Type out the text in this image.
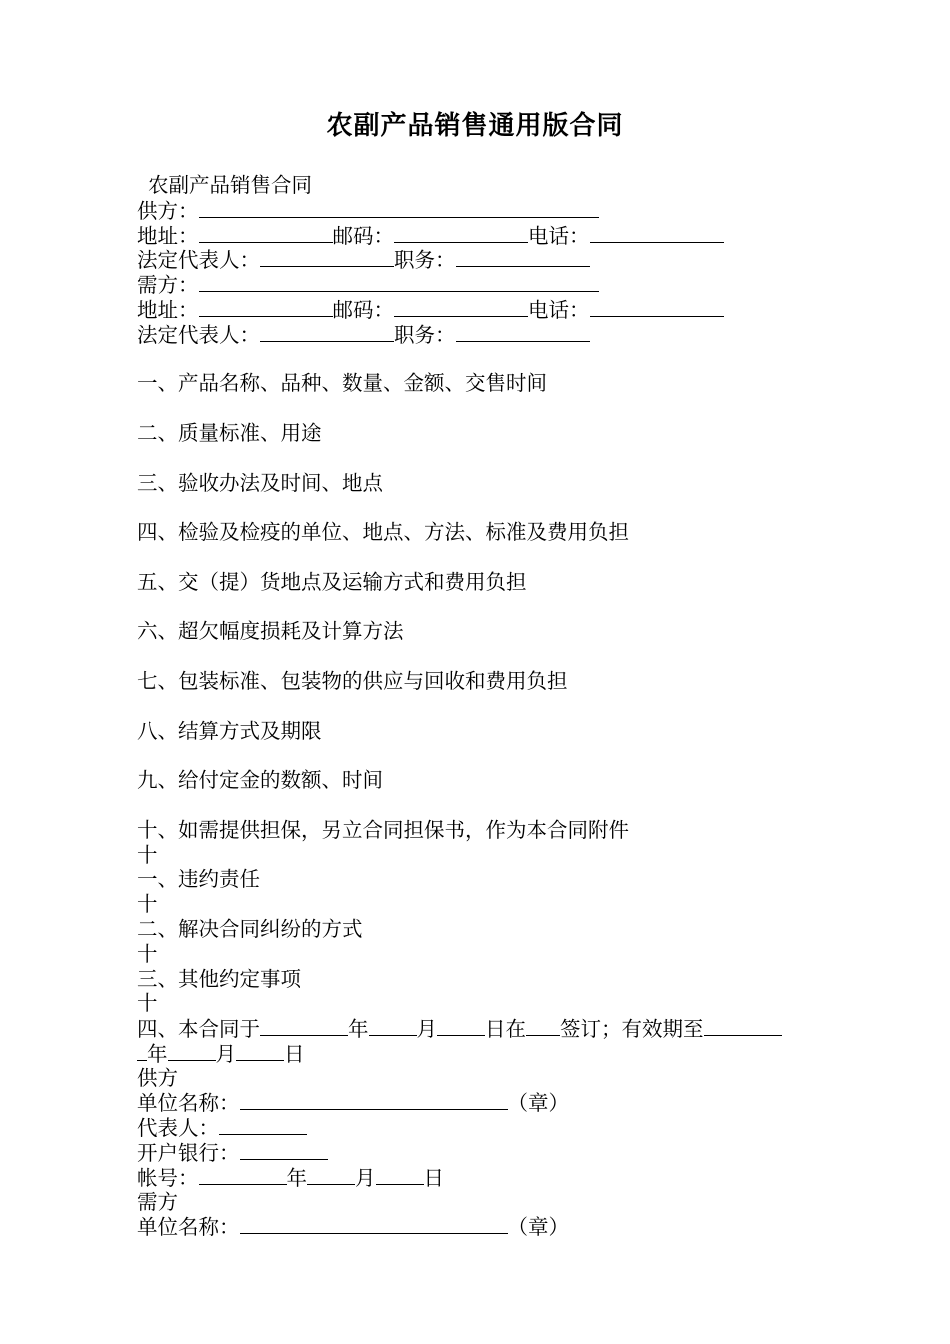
农副产品销售通用版合同
农副产品销售合同
供方：
地址：	邮码：	电话：
法定代表人：	职务：
需方：
地址：	邮码：	电话：
法定代表人：	职务：
一、产品名称、品种、数量、金额、交售时间
二、质量标准、用途
三、验收办法及时间、地点
四、检验及检疫的单位、地点、方法、标准及费用负担
五、交（提）货地点及运输方式和费用负担
六、超欠幅度损耗及计算方法
七、包装标准、包装物的供应与回收和费用负担
八、结算方式及期限
九、给付定金的数额、时间
十、如需提供担保，另立合同担保书，作为本合同附件
十
一、违约责任
十
二、解决合同纠纷的方式
十
三、其他约定事项
十
四、本合同于	年 月 日在 签订；有效期至
年 月 日
供方
单位名称：	（章）
代表人：
开户银行：
帐号：	年 月 日
需方
单位名称：	（章）
